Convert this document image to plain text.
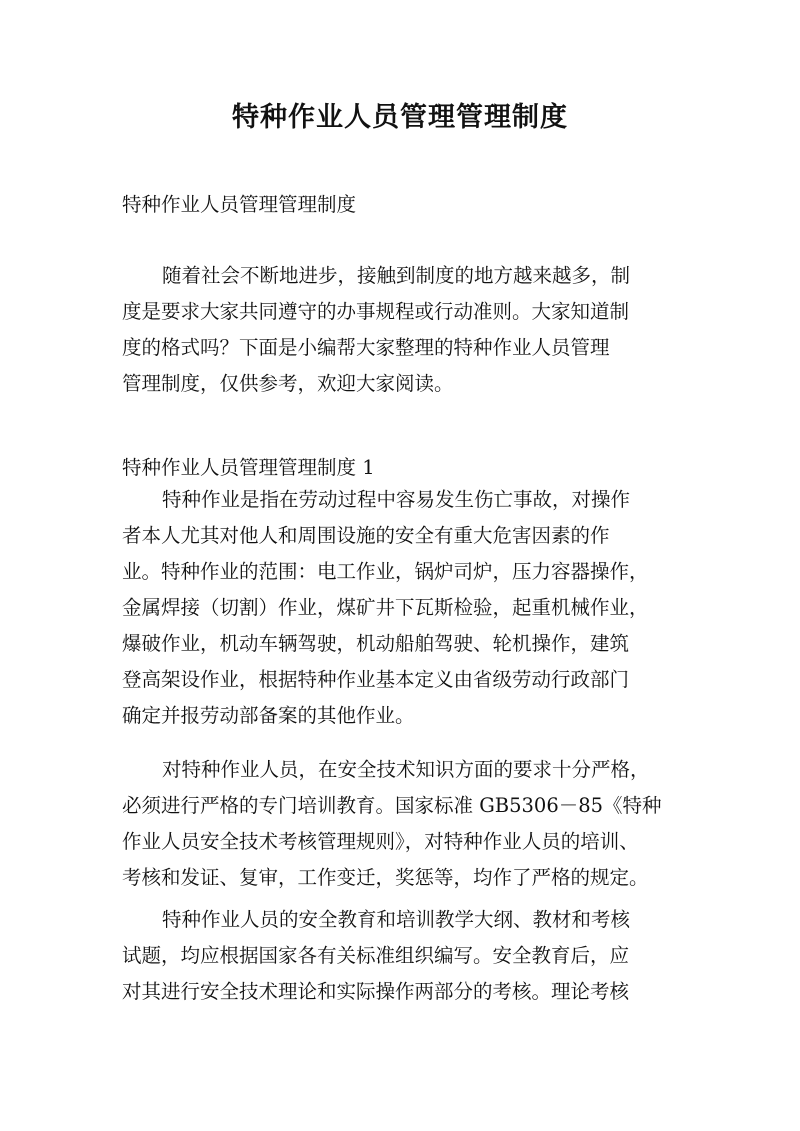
特种作业人员管理管理制度

特种作业人员管理管理制度

随着社会不断地进步，接触到制度的地方越来越多，制
度是要求大家共同遵守的办事规程或行动准则。大家知道制
度的格式吗？下面是小编帮大家整理的特种作业人员管理
管理制度，仅供参考，欢迎大家阅读。

特种作业人员管理管理制度 1

特种作业是指在劳动过程中容易发生伤亡事故，对操作
者本人尤其对他人和周围设施的安全有重大危害因素的作
业。特种作业的范围：电工作业，锅炉司炉，压力容器操作，
金属焊接（切割）作业，煤矿井下瓦斯检验，起重机械作业，
爆破作业，机动车辆驾驶，机动船舶驾驶、轮机操作，建筑
登高架设作业，根据特种作业基本定义由省级劳动行政部门
确定并报劳动部备案的其他作业。
对特种作业人员，在安全技术知识方面的要求十分严格，
必须进行严格的专门培训教育。国家标准 GB5306－85《特种
作业人员安全技术考核管理规则》，对特种作业人员的培训、
考核和发证、复审，工作变迁，奖惩等，均作了严格的规定。
特种作业人员的安全教育和培训教学大纲、教材和考核
试题，均应根据国家各有关标准组织编写。安全教育后，应
对其进行安全技术理论和实际操作两部分的考核。理论考核
